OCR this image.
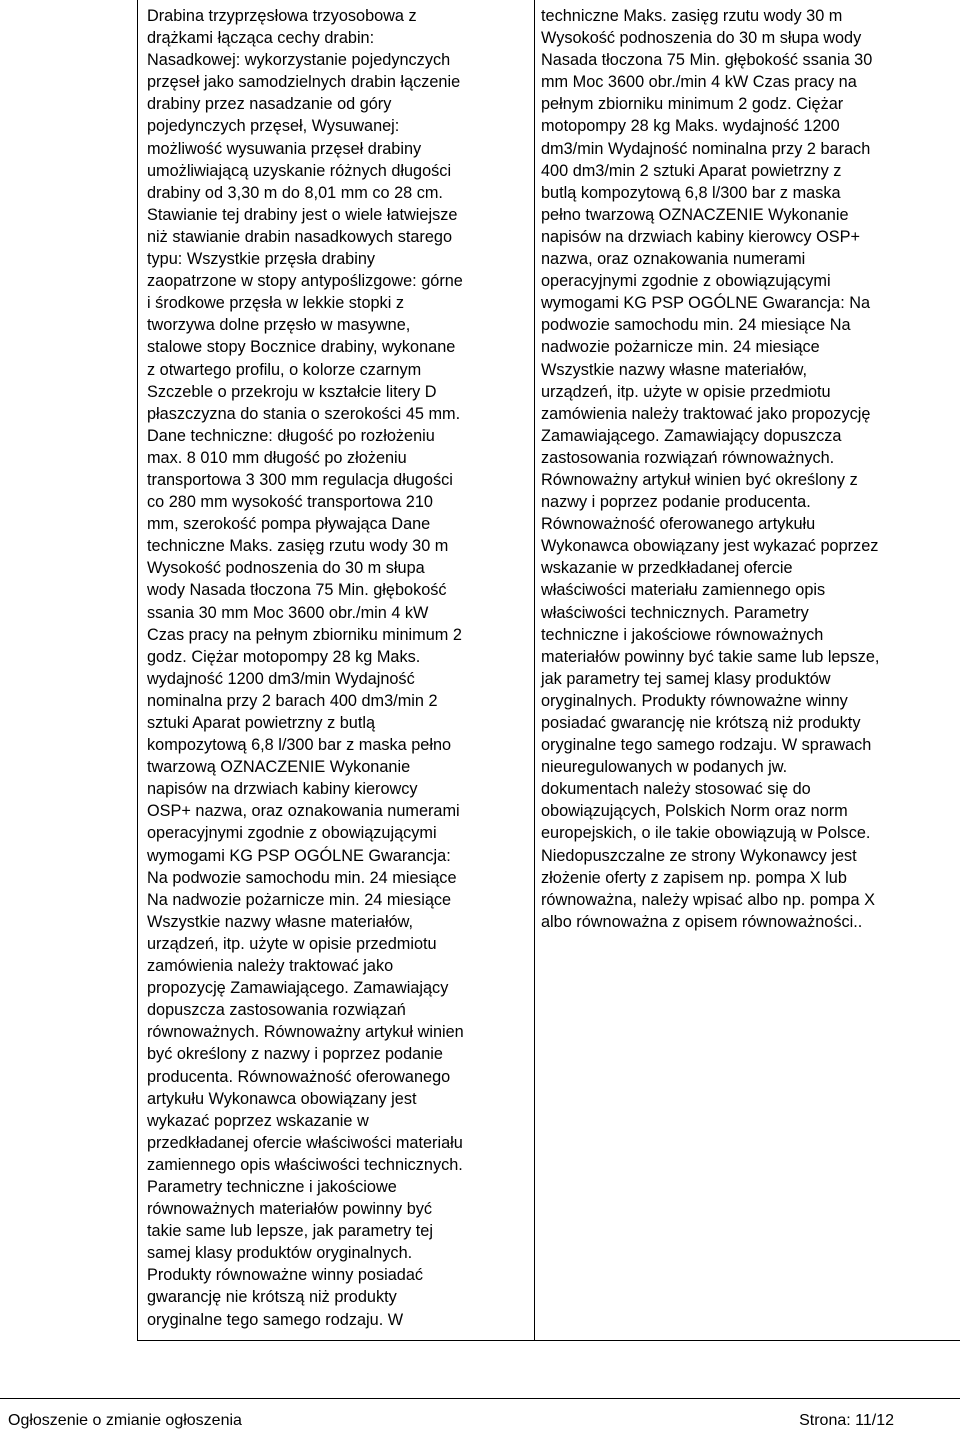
Drabina trzyprzęsłowa trzyosobowa z
drążkami łącząca cechy drabin:
Nasadkowej: wykorzystanie pojedynczych
przęseł jako samodzielnych drabin łączenie
drabiny przez nasadzanie od góry
pojedynczych przęseł, Wysuwanej:
możliwość wysuwania przęseł drabiny
umożliwiającą uzyskanie różnych długości
drabiny od 3,30 m do 8,01 mm co 28 cm.
Stawianie tej drabiny jest o wiele łatwiejsze
niż stawianie drabin nasadkowych starego
typu: Wszystkie przęsła drabiny
zaopatrzone w stopy antypoślizgowe: górne
i środkowe przęsła w lekkie stopki z
tworzywa dolne przęsło w masywne,
stalowe stopy Bocznice drabiny, wykonane
z otwartego profilu, o kolorze czarnym
Szczeble o przekroju w kształcie litery D
płaszczyzna do stania o szerokości 45 mm.
Dane techniczne: długość po rozłożeniu
max. 8 010 mm długość po złożeniu
transportowa 3 300 mm regulacja długości
co 280 mm wysokość transportowa 210
mm, szerokość pompa pływająca Dane
techniczne Maks. zasięg rzutu wody 30 m
Wysokość podnoszenia do 30 m słupa
wody Nasada tłoczona 75 Min. głębokość
ssania 30 mm Moc 3600 obr./min 4 kW
Czas pracy na pełnym zbiorniku minimum 2
godz. Ciężar motopompy 28 kg Maks.
wydajność 1200 dm3/min Wydajność
nominalna przy 2 barach 400 dm3/min 2
sztuki Aparat powietrzny z butlą
kompozytową 6,8 l/300 bar z maska pełno
twarzową OZNACZENIE Wykonanie
napisów na drzwiach kabiny kierowcy
OSP+ nazwa, oraz oznakowania numerami
operacyjnymi zgodnie z obowiązującymi
wymogami KG PSP OGÓLNE Gwarancja:
Na podwozie samochodu min. 24 miesiące
Na nadwozie pożarnicze min. 24 miesiące
Wszystkie nazwy własne materiałów,
urządzeń, itp. użyte w opisie przedmiotu
zamówienia należy traktować jako
propozycję Zamawiającego. Zamawiający
dopuszcza zastosowania rozwiązań
równoważnych. Równoważny artykuł winien
być określony z nazwy i poprzez podanie
producenta. Równoważność oferowanego
artykułu Wykonawca obowiązany jest
wykazać poprzez wskazanie w
przedkładanej ofercie właściwości materiału
zamiennego opis właściwości technicznych.
Parametry techniczne i jakościowe
równoważnych materiałów powinny być
takie same lub lepsze, jak parametry tej
samej klasy produktów oryginalnych.
Produkty równoważne winny posiadać
gwarancję nie krótszą niż produkty
oryginalne tego samego rodzaju. W
techniczne Maks. zasięg rzutu wody 30 m
Wysokość podnoszenia do 30 m słupa wody
Nasada tłoczona 75 Min. głębokość ssania 30
mm Moc 3600 obr./min 4 kW Czas pracy na
pełnym zbiorniku minimum 2 godz. Ciężar
motopompy 28 kg Maks. wydajność 1200
dm3/min Wydajność nominalna przy 2 barach
400 dm3/min 2 sztuki Aparat powietrzny z
butlą kompozytową 6,8 l/300 bar z maska
pełno twarzową OZNACZENIE Wykonanie
napisów na drzwiach kabiny kierowcy OSP+
nazwa, oraz oznakowania numerami
operacyjnymi zgodnie z obowiązującymi
wymogami KG PSP OGÓLNE Gwarancja: Na
podwozie samochodu min. 24 miesiące Na
nadwozie pożarnicze min. 24 miesiące
Wszystkie nazwy własne materiałów,
urządzeń, itp. użyte w opisie przedmiotu
zamówienia należy traktować jako propozycję
Zamawiającego. Zamawiający dopuszcza
zastosowania rozwiązań równoważnych.
Równoważny artykuł winien być określony z
nazwy i poprzez podanie producenta.
Równoważność oferowanego artykułu
Wykonawca obowiązany jest wykazać poprzez
wskazanie w przedkładanej ofercie
właściwości materiału zamiennego opis
właściwości technicznych. Parametry
techniczne i jakościowe równoważnych
materiałów powinny być takie same lub lepsze,
jak parametry tej samej klasy produktów
oryginalnych. Produkty równoważne winny
posiadać gwarancję nie krótszą niż produkty
oryginalne tego samego rodzaju. W sprawach
nieuregulowanych w podanych jw.
dokumentach należy stosować się do
obowiązujących, Polskich Norm oraz norm
europejskich, o ile takie obowiązują w Polsce.
Niedopuszczalne ze strony Wykonawcy jest
złożenie oferty z zapisem np. pompa X lub
równoważna, należy wpisać albo np. pompa X
albo równoważna z opisem równoważności..
Ogłoszenie o zmianie ogłoszenia	Strona: 11/12
